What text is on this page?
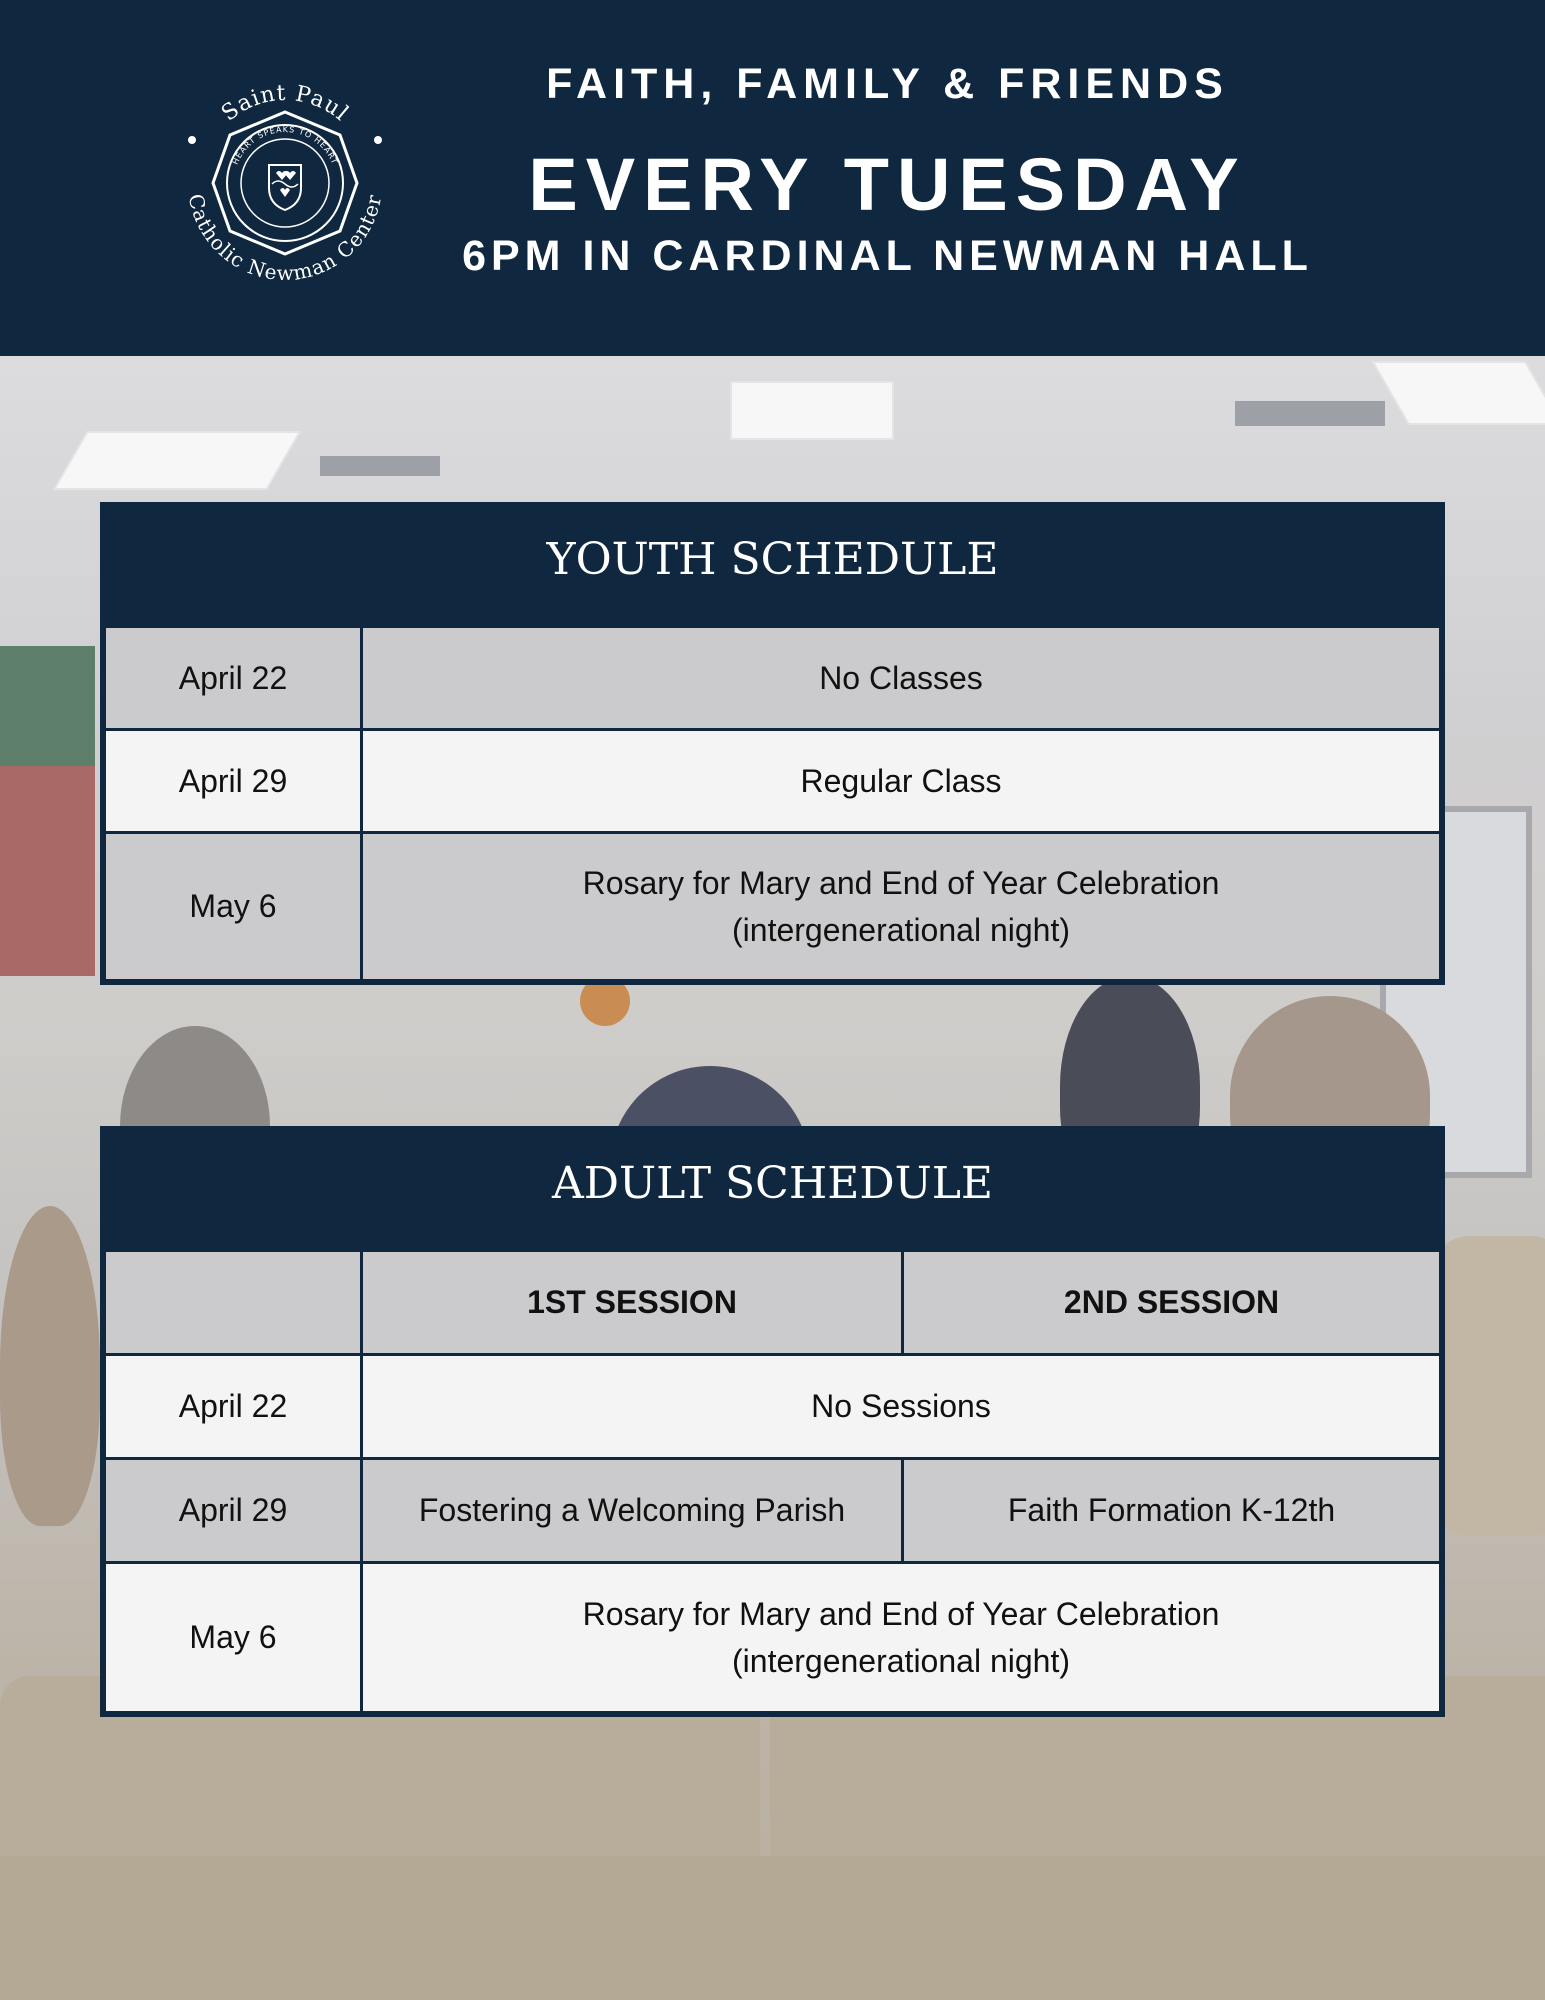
Saint Paul
Catholic Newman Center
HEART SPEAKS TO HEART
FAITH, FAMILY & FRIENDS
EVERY TUESDAY
6PM IN CARDINAL NEWMAN HALL
YOUTH SCHEDULE
April 22	No Classes
April 29	Regular Class
May 6	Rosary for Mary and End of Year Celebration
(intergenerational night)
ADULT SCHEDULE
	1ST SESSION	2ND SESSION
April 22	No Sessions	
April 29	Fostering a Welcoming Parish	Faith Formation K-12th
May 6	Rosary for Mary and End of Year Celebration
(intergenerational night)	
